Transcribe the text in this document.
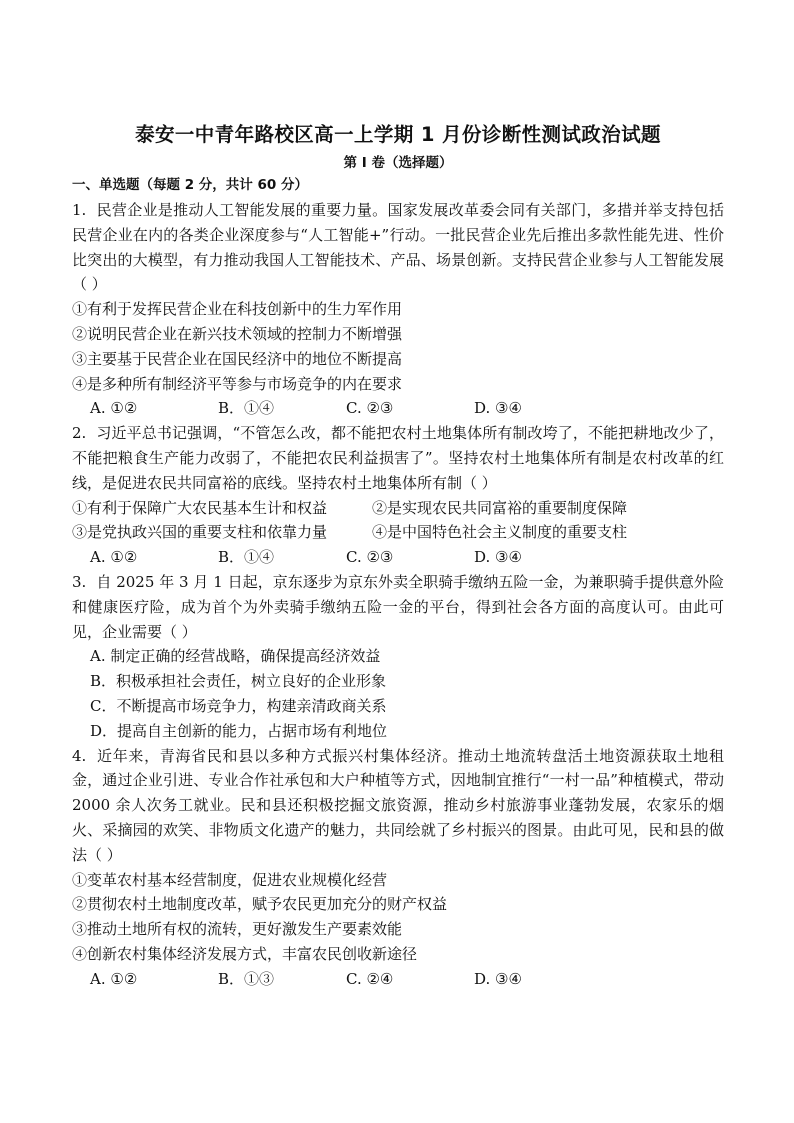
泰安一中青年路校区高一上学期 1 月份诊断性测试政治试题

第 I 卷（选择题）

一、单选题（每题 2 分，共计 60 分）

1. 民营企业是推动人工智能发展的重要力量。国家发展改革委会同有关部门，多措并举支持包括民营企业在内的各类企业深度参与“人工智能+”行动。一批民营企业先后推出多款性能先进、性价比突出的大模型，有力推动我国人工智能技术、产品、场景创新。支持民营企业参与人工智能发展（ ）

①有利于发挥民营企业在科技创新中的生力军作用

②说明民营企业在新兴技术领域的控制力不断增强

③主要基于民营企业在国民经济中的地位不断提高

④是多种所有制经济平等参与市场竞争的内在要求

A. ①②	B．①④	C. ②③	D. ③④

2. 习近平总书记强调，“不管怎么改，都不能把农村土地集体所有制改垮了，不能把耕地改少了，不能把粮食生产能力改弱了，不能把农民利益损害了”。坚持农村土地集体所有制是农村改革的红线，是促进农民共同富裕的底线。坚持农村土地集体所有制（ ）

①有利于保障广大农民基本生计和权益	②是实现农民共同富裕的重要制度保障

③是党执政兴国的重要支柱和依靠力量	④是中国特色社会主义制度的重要支柱

A. ①②	B．①④	C. ②③	D. ③④

3. 自 2025 年 3 月 1 日起，京东逐步为京东外卖全职骑手缴纳五险一金，为兼职骑手提供意外险和健康医疗险，成为首个为外卖骑手缴纳五险一金的平台，得到社会各方面的高度认可。由此可见，企业需要（ ）

A. 制定正确的经营战略，确保提高经济效益

B．积极承担社会责任，树立良好的企业形象

C．不断提高市场竞争力，构建亲清政商关系

D．提高自主创新的能力，占据市场有利地位

4. 近年来，青海省民和县以多种方式振兴村集体经济。推动土地流转盘活土地资源获取土地租金，通过企业引进、专业合作社承包和大户种植等方式，因地制宜推行“一村一品”种植模式，带动 2000 余人次务工就业。民和县还积极挖掘文旅资源，推动乡村旅游事业蓬勃发展，农家乐的烟火、采摘园的欢笑、非物质文化遗产的魅力，共同绘就了乡村振兴的图景。由此可见，民和县的做法（ ）

①变革农村基本经营制度，促进农业规模化经营

②贯彻农村土地制度改革，赋予农民更加充分的财产权益

③推动土地所有权的流转，更好激发生产要素效能

④创新农村集体经济发展方式，丰富农民创收新途径

A. ①②	B．①③	C. ②④	D. ③④
